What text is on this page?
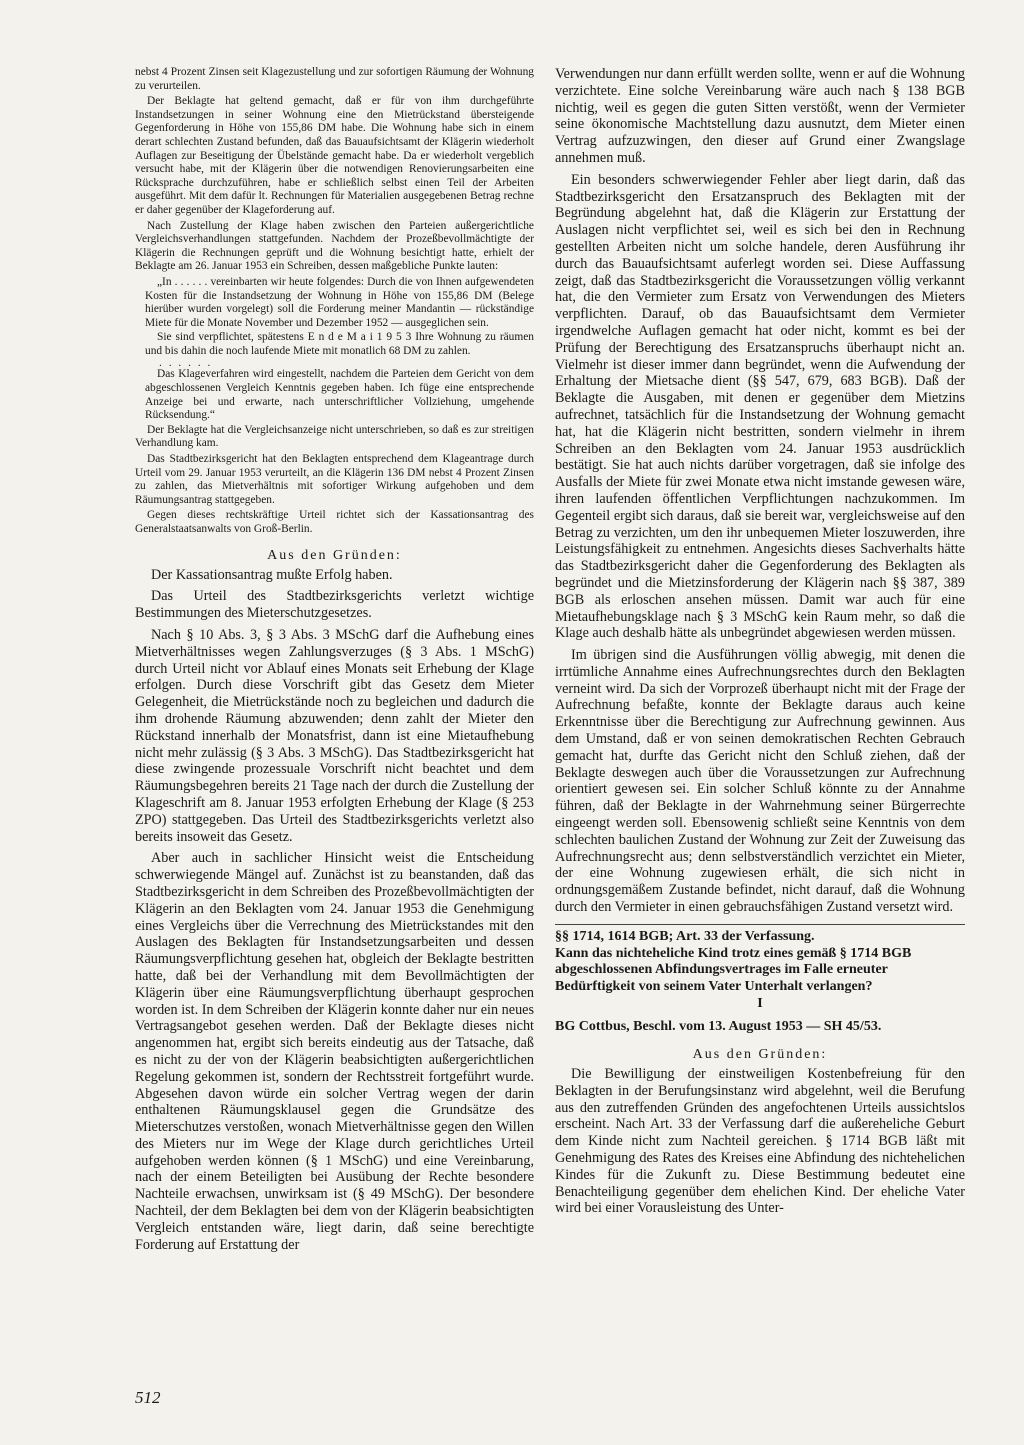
nebst 4 Prozent Zinsen seit Klagezustellung und zur sofortigen Räumung der Wohnung zu verurteilen.

Der Beklagte hat geltend gemacht, daß er für von ihm durchgeführte Instandsetzungen in seiner Wohnung eine den Mietrückstand übersteigende Gegenforderung in Höhe von 155,86 DM habe. Die Wohnung habe sich in einem derart schlechten Zustand befunden, daß das Bauaufsichtsamt der Klägerin wiederholt Auflagen zur Beseitigung der Übelstände gemacht habe. Da er wiederholt vergeblich versucht habe, mit der Klägerin über die notwendigen Renovierungsarbeiten eine Rücksprache durchzuführen, habe er schließlich selbst einen Teil der Arbeiten ausgeführt. Mit dem dafür lt. Rechnungen für Materialien ausgegebenen Betrag rechne er daher gegenüber der Klageforderung auf.

Nach Zustellung der Klage haben zwischen den Parteien außergerichtliche Vergleichsverhandlungen stattgefunden. Nachdem der Prozeßbevollmächtigte der Klägerin die Rechnungen geprüft und die Wohnung besichtigt hatte, erhielt der Beklagte am 26. Januar 1953 ein Schreiben, dessen maßgebliche Punkte lauten:

„In . . . . . . vereinbarten wir heute folgendes: Durch die von Ihnen aufgewendeten Kosten für die Instandsetzung der Wohnung in Höhe von 155,86 DM (Belege hierüber wurden vorgelegt) soll die Forderung meiner Mandantin — rückständige Miete für die Monate November und Dezember 1952 — ausgeglichen sein.

Sie sind verpflichtet, spätestens E n d e M a i 1 9 5 3 Ihre Wohnung zu räumen und bis dahin die noch laufende Miete mit monatlich 68 DM zu zahlen.

. . . . . .

Das Klageverfahren wird eingestellt, nachdem die Parteien dem Gericht von dem abgeschlossenen Vergleich Kenntnis gegeben haben. Ich füge eine entsprechende Anzeige bei und erwarte, nach unterschriftlicher Vollziehung, umgehende Rücksendung.“

Der Beklagte hat die Vergleichsanzeige nicht unterschrieben, so daß es zur streitigen Verhandlung kam.

Das Stadtbezirksgericht hat den Beklagten entsprechend dem Klageantrage durch Urteil vom 29. Januar 1953 verurteilt, an die Klägerin 136 DM nebst 4 Prozent Zinsen zu zahlen, das Mietverhältnis mit sofortiger Wirkung aufgehoben und dem Räumungsantrag stattgegeben.

Gegen dieses rechtskräftige Urteil richtet sich der Kassationsantrag des Generalstaatsanwalts von Groß-Berlin.

Aus den Gründen:

Der Kassationsantrag mußte Erfolg haben.

Das Urteil des Stadtbezirksgerichts verletzt wichtige Bestimmungen des Mieterschutzgesetzes.

Nach § 10 Abs. 3, § 3 Abs. 3 MSchG darf die Aufhebung eines Mietverhältnisses wegen Zahlungsverzuges (§ 3 Abs. 1 MSchG) durch Urteil nicht vor Ablauf eines Monats seit Erhebung der Klage erfolgen. Durch diese Vorschrift gibt das Gesetz dem Mieter Gelegenheit, die Mietrückstände noch zu begleichen und dadurch die ihm drohende Räumung abzuwenden; denn zahlt der Mieter den Rückstand innerhalb der Monatsfrist, dann ist eine Mietaufhebung nicht mehr zulässig (§ 3 Abs. 3 MSchG). Das Stadtbezirksgericht hat diese zwingende prozessuale Vorschrift nicht beachtet und dem Räumungsbegehren bereits 21 Tage nach der durch die Zustellung der Klageschrift am 8. Januar 1953 erfolgten Erhebung der Klage (§ 253 ZPO) stattgegeben. Das Urteil des Stadtbezirksgerichts verletzt also bereits insoweit das Gesetz.

Aber auch in sachlicher Hinsicht weist die Entscheidung schwerwiegende Mängel auf. Zunächst ist zu beanstanden, daß das Stadtbezirksgericht in dem Schreiben des Prozeßbevollmächtigten der Klägerin an den Beklagten vom 24. Januar 1953 die Genehmigung eines Vergleichs über die Verrechnung des Mietrückstandes mit den Auslagen des Beklagten für Instandsetzungsarbeiten und dessen Räumungsverpflichtung gesehen hat, obgleich der Beklagte bestritten hatte, daß bei der Verhandlung mit dem Bevollmächtigten der Klägerin über eine Räumungsverpflichtung überhaupt gesprochen worden ist. In dem Schreiben der Klägerin konnte daher nur ein neues Vertragsangebot gesehen werden. Daß der Beklagte dieses nicht angenommen hat, ergibt sich bereits eindeutig aus der Tatsache, daß es nicht zu der von der Klägerin beabsichtigten außergerichtlichen Regelung gekommen ist, sondern der Rechtsstreit fortgeführt wurde. Abgesehen davon würde ein solcher Vertrag wegen der darin enthaltenen Räumungsklausel gegen die Grundsätze des Mieterschutzes verstoßen, wonach Mietverhältnisse gegen den Willen des Mieters nur im Wege der Klage durch gerichtliches Urteil aufgehoben werden können (§ 1 MSchG) und eine Vereinbarung, nach der einem Beteiligten bei Ausübung der Rechte besondere Nachteile erwachsen, unwirksam ist (§ 49 MSchG). Der besondere Nachteil, der dem Beklagten bei dem von der Klägerin beabsichtigten Vergleich entstanden wäre, liegt darin, daß seine berechtigte Forderung auf Erstattung der

Verwendungen nur dann erfüllt werden sollte, wenn er auf die Wohnung verzichtete. Eine solche Vereinbarung wäre auch nach § 138 BGB nichtig, weil es gegen die guten Sitten verstößt, wenn der Vermieter seine ökonomische Machtstellung dazu ausnutzt, dem Mieter einen Vertrag aufzuzwingen, den dieser auf Grund einer Zwangslage annehmen muß.

Ein besonders schwerwiegender Fehler aber liegt darin, daß das Stadtbezirksgericht den Ersatzanspruch des Beklagten mit der Begründung abgelehnt hat, daß die Klägerin zur Erstattung der Auslagen nicht verpflichtet sei, weil es sich bei den in Rechnung gestellten Arbeiten nicht um solche handele, deren Ausführung ihr durch das Bauaufsichtsamt auferlegt worden sei. Diese Auffassung zeigt, daß das Stadtbezirksgericht die Voraussetzungen völlig verkannt hat, die den Vermieter zum Ersatz von Verwendungen des Mieters verpflichten. Darauf, ob das Bauaufsichtsamt dem Vermieter irgendwelche Auflagen gemacht hat oder nicht, kommt es bei der Prüfung der Berechtigung des Ersatzanspruchs überhaupt nicht an. Vielmehr ist dieser immer dann begründet, wenn die Aufwendung der Erhaltung der Mietsache dient (§§ 547, 679, 683 BGB). Daß der Beklagte die Ausgaben, mit denen er gegenüber dem Mietzins aufrechnet, tatsächlich für die Instandsetzung der Wohnung gemacht hat, hat die Klägerin nicht bestritten, sondern vielmehr in ihrem Schreiben an den Beklagten vom 24. Januar 1953 ausdrücklich bestätigt. Sie hat auch nichts darüber vorgetragen, daß sie infolge des Ausfalls der Miete für zwei Monate etwa nicht imstande gewesen wäre, ihren laufenden öffentlichen Verpflichtungen nachzukommen. Im Gegenteil ergibt sich daraus, daß sie bereit war, vergleichsweise auf den Betrag zu verzichten, um den ihr unbequemen Mieter loszuwerden, ihre Leistungsfähigkeit zu entnehmen. Angesichts dieses Sachverhalts hätte das Stadtbezirksgericht daher die Gegenforderung des Beklagten als begründet und die Mietzinsforderung der Klägerin nach §§ 387, 389 BGB als erloschen ansehen müssen. Damit war auch für eine Mietaufhebungsklage nach § 3 MSchG kein Raum mehr, so daß die Klage auch deshalb hätte als unbegründet abgewiesen werden müssen.

Im übrigen sind die Ausführungen völlig abwegig, mit denen die irrtümliche Annahme eines Aufrechnungsrechtes durch den Beklagten verneint wird. Da sich der Vorprozeß überhaupt nicht mit der Frage der Aufrechnung befaßte, konnte der Beklagte daraus auch keine Erkenntnisse über die Berechtigung zur Aufrechnung gewinnen. Aus dem Umstand, daß er von seinen demokratischen Rechten Gebrauch gemacht hat, durfte das Gericht nicht den Schluß ziehen, daß der Beklagte deswegen auch über die Voraussetzungen zur Aufrechnung orientiert gewesen sei. Ein solcher Schluß könnte zu der Annahme führen, daß der Beklagte in der Wahrnehmung seiner Bürgerrechte eingeengt werden soll. Ebensowenig schließt seine Kenntnis von dem schlechten baulichen Zustand der Wohnung zur Zeit der Zuweisung das Aufrechnungsrecht aus; denn selbstverständlich verzichtet ein Mieter, der eine Wohnung zugewiesen erhält, die sich nicht in ordnungsgemäßem Zustande befindet, nicht darauf, daß die Wohnung durch den Vermieter in einen gebrauchsfähigen Zustand versetzt wird.

§§ 1714, 1614 BGB; Art. 33 der Verfassung.

Kann das nichteheliche Kind trotz eines gemäß § 1714 BGB abgeschlossenen Abfindungsvertrages im Falle erneuter Bedürftigkeit von seinem Vater Unterhalt verlangen?

I

BG Cottbus, Beschl. vom 13. August 1953 — SH 45/53.

Aus den Gründen:

Die Bewilligung der einstweiligen Kostenbefreiung für den Beklagten in der Berufungsinstanz wird abgelehnt, weil die Berufung aus den zutreffenden Gründen des angefochtenen Urteils aussichtslos erscheint. Nach Art. 33 der Verfassung darf die außereheliche Geburt dem Kinde nicht zum Nachteil gereichen. § 1714 BGB läßt mit Genehmigung des Rates des Kreises eine Abfindung des nichtehelichen Kindes für die Zukunft zu. Diese Bestimmung bedeutet eine Benachteiligung gegenüber dem ehelichen Kind. Der eheliche Vater wird bei einer Vorausleistung des Unter-

512
